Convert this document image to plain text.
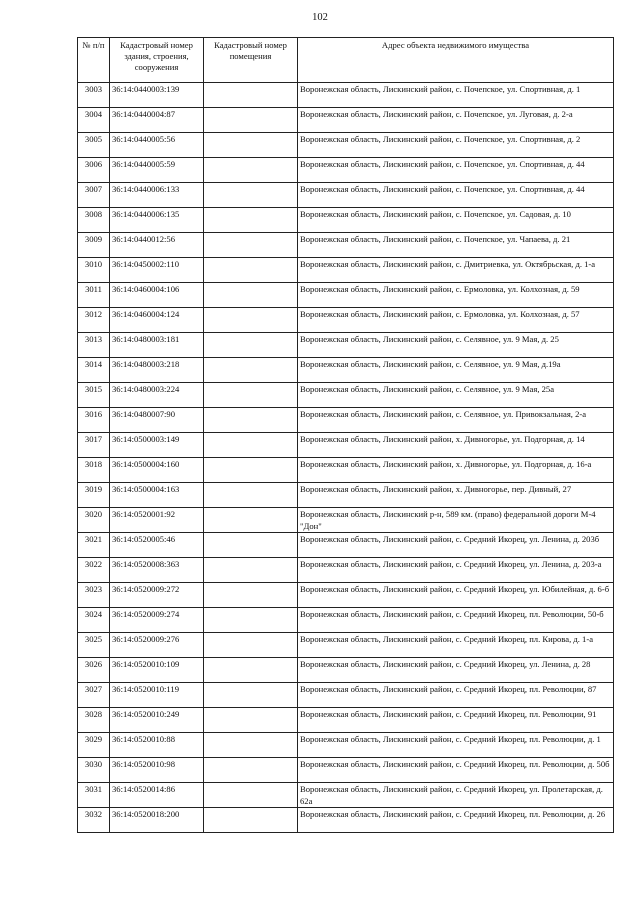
102
№ п/п	Кадастровый номер здания, строения, сооружения	Кадастровый номер помещения	Адрес объекта недвижимого имущества
3003	36:14:0440003:139		Воронежская область, Лискинский район, с. Почепское, ул. Спортивная, д. 1
3004	36:14:0440004:87		Воронежская область, Лискинский район, с. Почепское, ул. Луговая, д. 2-а
3005	36:14:0440005:56		Воронежская область, Лискинский район, с. Почепское, ул. Спортивная, д. 2
3006	36:14:0440005:59		Воронежская область, Лискинский район, с. Почепское, ул. Спортивная, д. 44
3007	36:14:0440006:133		Воронежская область, Лискинский район, с. Почепское, ул. Спортивная, д. 44
3008	36:14:0440006:135		Воронежская область, Лискинский район, с. Почепское, ул. Садовая, д. 10
3009	36:14:0440012:56		Воронежская область, Лискинский район, с. Почепское, ул. Чапаева, д. 21
3010	36:14:0450002:110		Воронежская область, Лискинский район, с. Дмитриевка, ул. Октябрьская, д. 1-а
3011	36:14:0460004:106		Воронежская область, Лискинский район, с. Ермоловка, ул. Колхозная, д. 59
3012	36:14:0460004:124		Воронежская область, Лискинский район, с. Ермоловка, ул. Колхозная, д. 57
3013	36:14:0480003:181		Воронежская область, Лискинский район, с. Селявное, ул. 9 Мая, д. 25
3014	36:14:0480003:218		Воронежская область, Лискинский район, с. Селявное, ул. 9 Мая, д.19а
3015	36:14:0480003:224		Воронежская область, Лискинский район, с. Селявное, ул. 9 Мая, 25а
3016	36:14:0480007:90		Воронежская область, Лискинский район, с. Селявное, ул. Привокзальная, 2-а
3017	36:14:0500003:149		Воронежская область, Лискинский район, х. Дивногорье, ул. Подгорная, д. 14
3018	36:14:0500004:160		Воронежская область, Лискинский район, х. Дивногорье, ул. Подгорная, д. 16-а
3019	36:14:0500004:163		Воронежская область, Лискинский район, х. Дивногорье, пер. Дивный, 27
3020	36:14:0520001:92		Воронежская область, Лискинский р-н, 589 км. (право) федеральной дороги М-4 "Дон"
3021	36:14:0520005:46		Воронежская область, Лискинский район, с. Средний Икорец, ул. Ленина, д. 203б
3022	36:14:0520008:363		Воронежская область, Лискинский район, с. Средний Икорец, ул. Ленина, д. 203-а
3023	36:14:0520009:272		Воронежская область, Лискинский район, с. Средний Икорец, ул. Юбилейная, д. 6-б
3024	36:14:0520009:274		Воронежская область, Лискинский район, с. Средний Икорец, пл. Революции, 50-б
3025	36:14:0520009:276		Воронежская область, Лискинский район, с. Средний Икорец, пл. Кирова, д. 1-а
3026	36:14:0520010:109		Воронежская область, Лискинский район, с. Средний Икорец, ул. Ленина, д. 28
3027	36:14:0520010:119		Воронежская область, Лискинский район, с. Средний Икорец, пл. Революции, 87
3028	36:14:0520010:249		Воронежская область, Лискинский район, с. Средний Икорец, пл. Революции, 91
3029	36:14:0520010:88		Воронежская область, Лискинский район, с. Средний Икорец, пл. Революции, д. 1
3030	36:14:0520010:98		Воронежская область, Лискинский район, с. Средний Икорец, пл. Революции, д. 50б
3031	36:14:0520014:86		Воронежская область, Лискинский район, с. Средний Икорец, ул. Пролетарская, д. 62а
3032	36:14:0520018:200		Воронежская область, Лискинский район, с. Средний Икорец, пл. Революции, д. 26
